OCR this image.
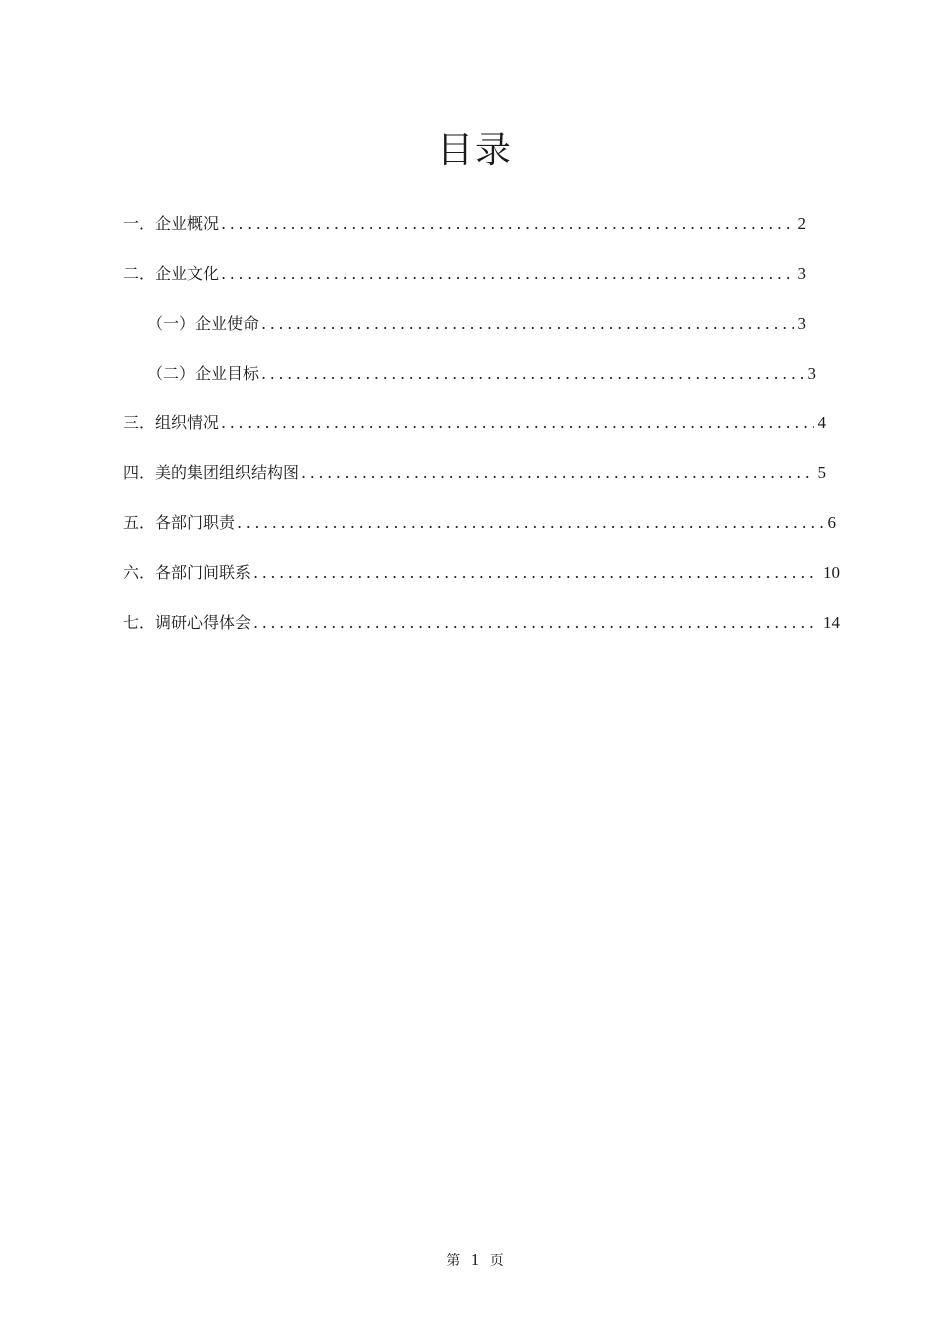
目录
一．企业概况 .....	2
二．企业文化 .....	3
（一）企业使命 .....	3
（二）企业目标 .....	3
三．组织情况 .....	4
四．美的集团组织结构图 .....	5
五．各部门职责 .....	6
六．各部门间联系 .....	10
七．调研心得体会 .....	14
第 1 页
